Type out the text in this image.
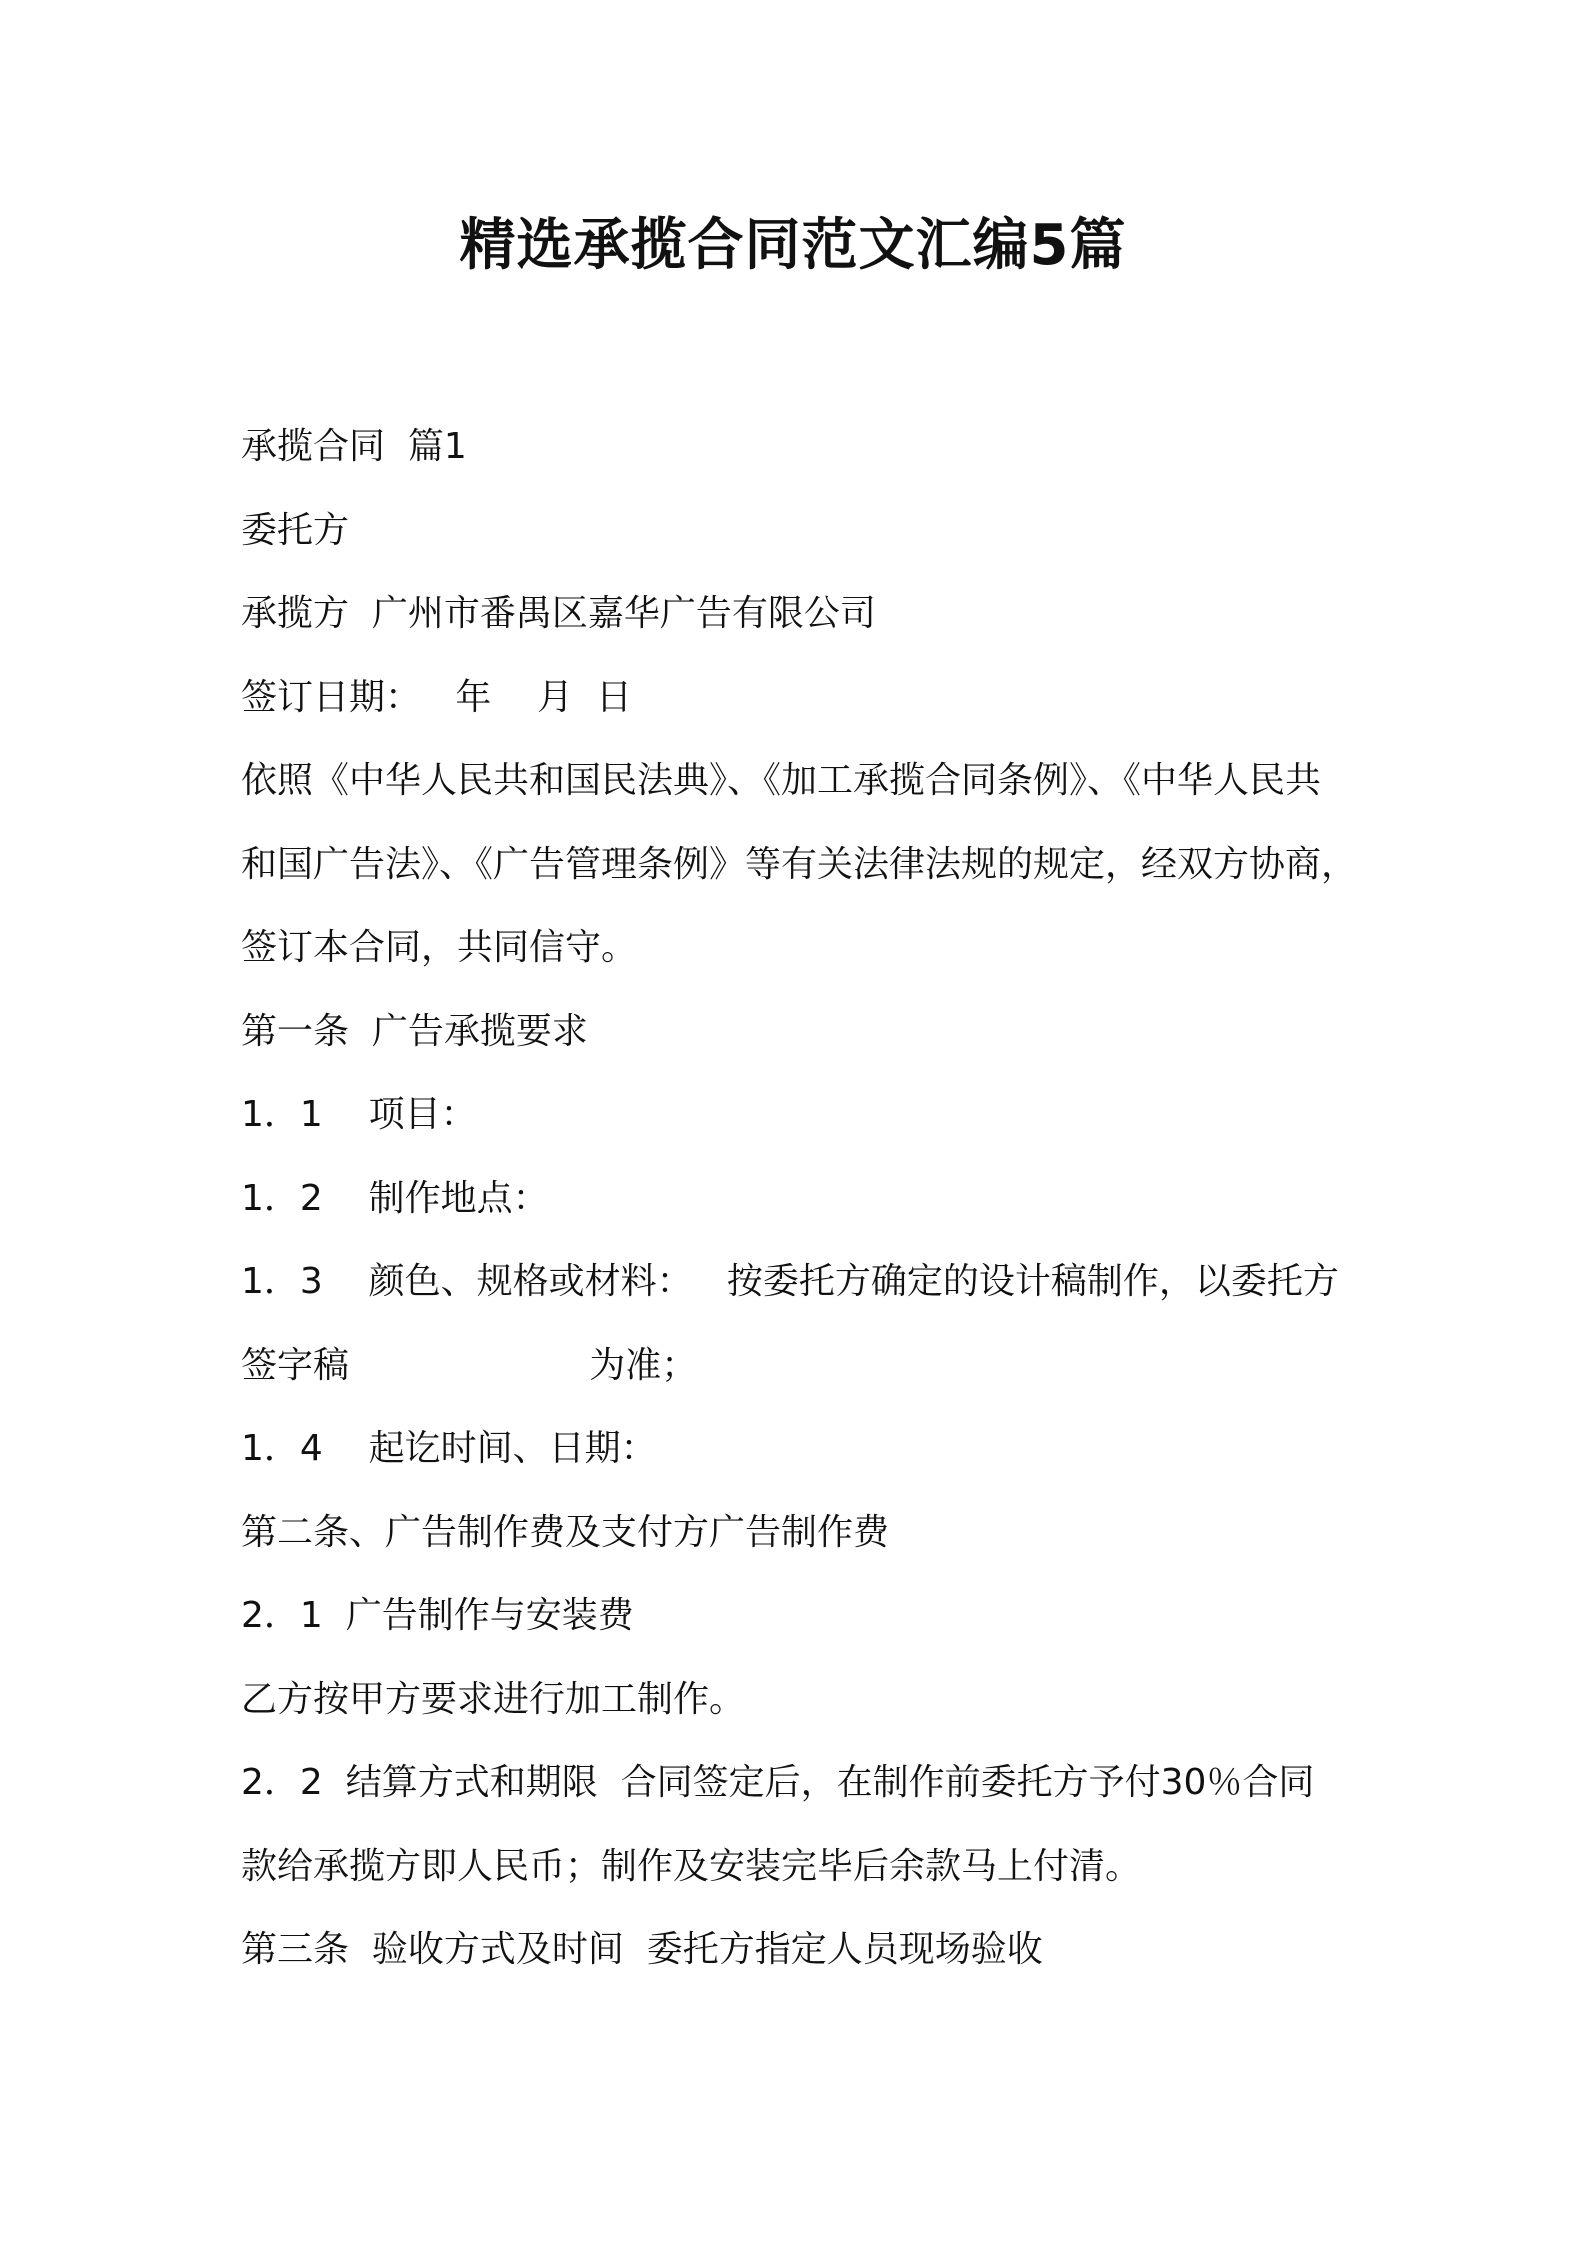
精选承揽合同范文汇编5篇

承揽合同  篇1

委托方

承揽方  广州市番禺区嘉华广告有限公司

签订日期：   年    月  日

依照《中华人民共和国民法典》、《加工承揽合同条例》、《中华人民共

和国广告法》、《广告管理条例》等有关法律法规的规定，经双方协商，

签订本合同，共同信守。

第一条  广告承揽要求

1．1    项目：

1．2    制作地点：

1．3    颜色、规格或材料：   按委托方确定的设计稿制作，以委托方

签字稿                     为准；

1．4    起讫时间、日期：

第二条、广告制作费及支付方广告制作费

2．1  广告制作与安装费

乙方按甲方要求进行加工制作。

2．2  结算方式和期限  合同签定后，在制作前委托方予付30％合同

款给承揽方即人民币；制作及安装完毕后余款马上付清。

第三条  验收方式及时间  委托方指定人员现场验收
